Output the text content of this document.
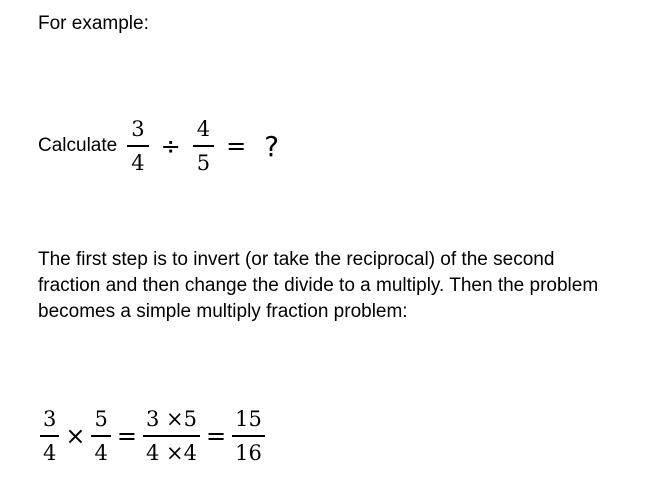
For example:
Calculate $\frac{3}{4} \div \frac{4}{5}$ = ?
The first step is to invert (or take the reciprocal) of the second
fraction and then change the divide to a multiply. Then the problem
becomes a simple multiply fraction problem:
$\frac{3}{4} \times \frac{5}{4} = \frac{3 \times 5}{4 \times 4} = \frac{15}{16}$
